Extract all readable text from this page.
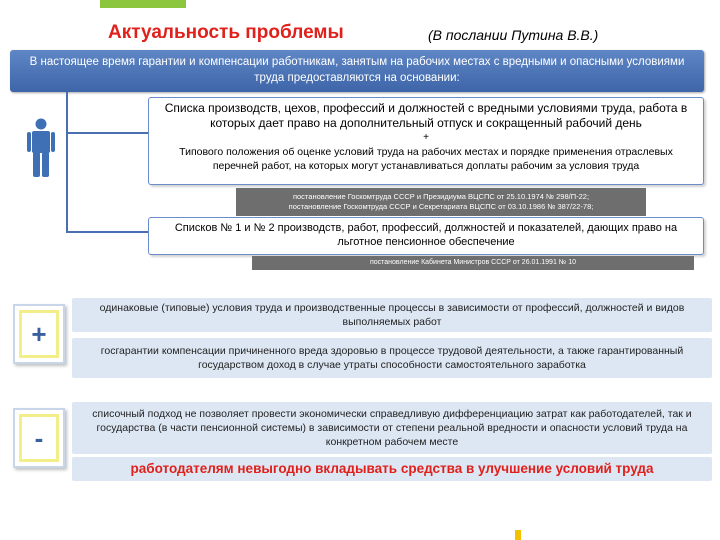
Актуальность проблемы	(В послании Путина В.В.)
В настоящее время гарантии и компенсации работникам, занятым на рабочих местах с вредными и опасными условиями труда предоставляются на основании:
Списка производств, цехов, профессий и должностей с вредными условиями труда, работа в которых дает право на дополнительный отпуск и сокращенный рабочий день
+
Типового положения об оценке условий труда на рабочих местах и порядке применения отраслевых перечней работ, на которых могут устанавливаться доплаты рабочим за условия труда
постановление Госкомтруда СССР и Президиума ВЦСПС от 25.10.1974 № 298/П-22;
постановление Госкомтруда СССР и Секретариата ВЦСПС от 03.10.1986 № 387/22-78;
Списков № 1 и № 2 производств, работ, профессий, должностей и показателей, дающих право на льготное пенсионное обеспечение
постановление Кабинета Министров СССР от 26.01.1991 № 10
+
одинаковые (типовые) условия труда и производственные процессы в зависимости от профессий, должностей и видов выполняемых работ
госгарантии компенсации причиненного вреда здоровью в процессе трудовой деятельности, а также гарантированный государством доход в случае утраты способности самостоятельного заработка
-
списочный подход не позволяет провести экономически справедливую дифференциацию затрат как работодателей, так и государства (в части пенсионной системы) в зависимости от степени реальной вредности и опасности условий труда на конкретном рабочем месте
работодателям невыгодно вкладывать средства в улучшение условий труда
